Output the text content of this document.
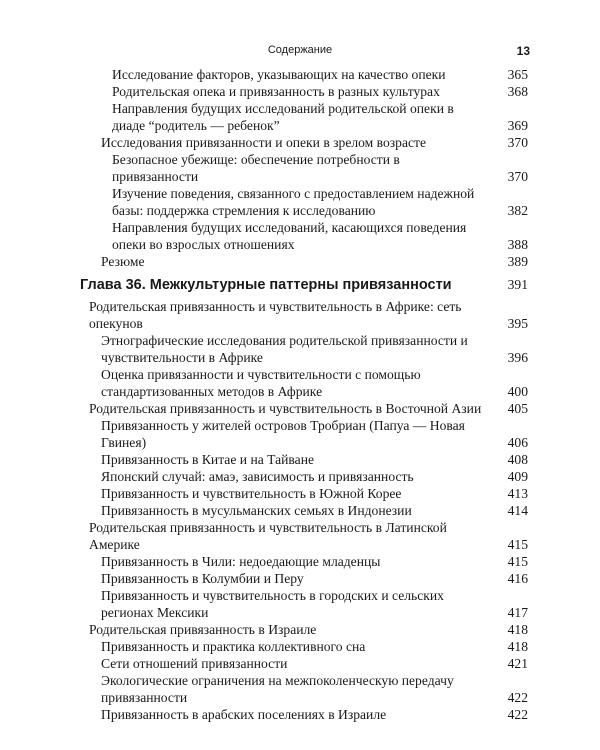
Содержание	13
Исследование факторов, указывающих на качество опеки	365
Родительская опека и привязанность в разных культурах	368
Направления будущих исследований родительской опеки в диаде “родитель — ребенок”	369
Исследования привязанности и опеки в зрелом возрасте	370
Безопасное убежище: обеспечение потребности в привязанности	370
Изучение поведения, связанного с предоставлением надежной базы: поддержка стремления к исследованию	382
Направления будущих исследований, касающихся поведения опеки во взрослых отношениях	388
Резюме	389
Глава 36. Межкультурные паттерны привязанности	391
Родительская привязанность и чувствительность в Африке: сеть опекунов	395
Этнографические исследования родительской привязанности и чувствительности в Африке	396
Оценка привязанности и чувствительности с помощью стандартизованных методов в Африке	400
Родительская привязанность и чувствительность в Восточной Азии	405
Привязанность у жителей островов Тробриан (Папуа — Новая Гвинея)	406
Привязанность в Китае и на Тайване	408
Японский случай: амаэ, зависимость и привязанность	409
Привязанность и чувствительность в Южной Корее	413
Привязанность в мусульманских семьях в Индонезии	414
Родительская привязанность и чувствительность в Латинской Америке	415
Привязанность в Чили: недоедающие младенцы	415
Привязанность в Колумбии и Перу	416
Привязанность и чувствительность в городских и сельских регионах Мексики	417
Родительская привязанность в Израиле	418
Привязанность и практика коллективного сна	418
Сети отношений привязанности	421
Экологические ограничения на межпоколенческую передачу привязанности	422
Привязанность в арабских поселениях в Израиле	422
